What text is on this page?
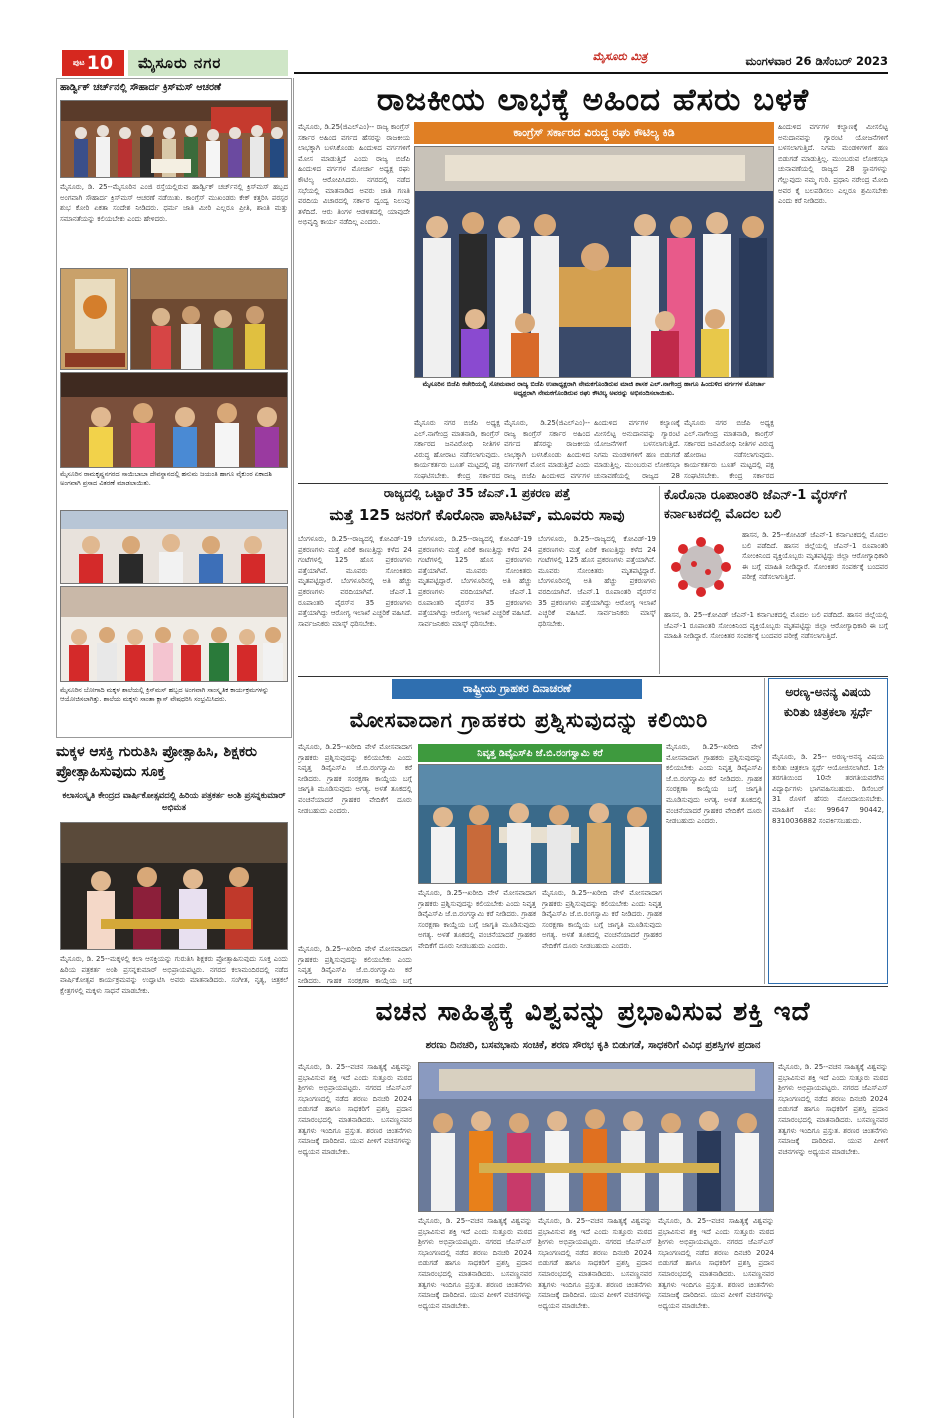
ಪುಟ 10 ಮೈಸೂರು ನಗರ	ಮೈಸೂರು ಮಿತ್ರ	ಮಂಗಳವಾರ 26 ಡಿಸೆಂಬರ್ 2023
ಹಾರ್ಡ್ವಿಕ್ ಚರ್ಚ್‌ನಲ್ಲಿ ಸೌಹಾರ್ದ ಕ್ರಿಸ್‌ಮಸ್ ಆಚರಣೆ
ಮೈಸೂರು, ಡಿ. 25--ಮೈಸೂರಿನ ಎಂಜಿ ರಸ್ತೆಯಲ್ಲಿರುವ ಹಾರ್ಡ್ವಿಕ್ ಚರ್ಚ್‌ನಲ್ಲಿ ಕ್ರಿಸ್‌ಮಸ್ ಹಬ್ಬದ ಅಂಗವಾಗಿ ಸೌಹಾರ್ದ ಕ್ರಿಸ್‌ಮಸ್ ಆಚರಣೆ ನಡೆಯಿತು. ಕಾಂಗ್ರೆಸ್ ಮುಖಂಡರು ಕೇಕ್ ಕತ್ತರಿಸಿ ಪರಸ್ಪರ ಶುಭ ಕೋರಿ ಏಕತಾ ಸಂದೇಶ ನೀಡಿದರು. ಧರ್ಮ ಜಾತಿ ಮೀರಿ ಎಲ್ಲರೂ ಪ್ರೀತಿ, ಶಾಂತಿ ಮತ್ತು ಸಮಾನತೆಯನ್ನು ಕಲಿಯಬೇಕು ಎಂದು ಹೇಳಿದರು.
ಮೈಸೂರಿನ ರಾಮಕೃಷ್ಣನಗರದ ಸಾಯಿಬಾಬಾ ದೇವಸ್ಥಾನದಲ್ಲಿ ಹನುಮ ಜಯಂತಿ ಹಾಗೂ ವೈಕುಂಠ ಏಕಾದಶಿ ಅಂಗವಾಗಿ ಪ್ರಸಾದ ವಿತರಣೆ ಮಾಡಲಾಯಿತು.
ಮೈಸೂರಿನ ಬೋಗಾದಿ ಮಕ್ಕಳ ಶಾಲೆಯಲ್ಲಿ ಕ್ರಿಸ್‌ಮಸ್ ಹಬ್ಬದ ಅಂಗವಾಗಿ ಸಾಂಸ್ಕೃತಿಕ ಕಾರ್ಯಕ್ರಮಗಳನ್ನು ಆಯೋಜಿಸಲಾಗಿತ್ತು. ಶಾಲೆಯ ಮಕ್ಕಳು ಸಾಂತಾ ಕ್ಲಾಸ್ ವೇಷಧರಿಸಿ ಸಂಭ್ರಮಿಸಿದರು.
ಮಕ್ಕಳ ಆಸಕ್ತಿ ಗುರುತಿಸಿ ಪ್ರೋತ್ಸಾಹಿಸಿ, ಶಿಕ್ಷಕರು ಪ್ರೋತ್ಸಾಹಿಸುವುದು ಸೂಕ್ತ
ಕಲಾಸಂಸ್ಕೃತಿ ಕೇಂದ್ರದ ವಾರ್ಷಿಕೋತ್ಸವದಲ್ಲಿ ಹಿರಿಯ ಪತ್ರಕರ್ತ ಅಂಶಿ ಪ್ರಸನ್ನಕುಮಾರ್ ಅಭಿಮತ
ಮೈಸೂರು, ಡಿ. 25--ಮಕ್ಕಳಲ್ಲಿ ಕಲಾ ಆಸಕ್ತಿಯನ್ನು ಗುರುತಿಸಿ ಶಿಕ್ಷಕರು ಪ್ರೋತ್ಸಾಹಿಸುವುದು ಸೂಕ್ತ ಎಂದು ಹಿರಿಯ ಪತ್ರಕರ್ತ ಅಂಶಿ ಪ್ರಸನ್ನಕುಮಾರ್ ಅಭಿಪ್ರಾಯಪಟ್ಟರು. ನಗರದ ಕಲಾಮಂದಿರದಲ್ಲಿ ನಡೆದ ವಾರ್ಷಿಕೋತ್ಸವ ಕಾರ್ಯಕ್ರಮವನ್ನು ಉದ್ಘಾಟಿಸಿ ಅವರು ಮಾತನಾಡಿದರು. ಸಂಗೀತ, ನೃತ್ಯ, ಚಿತ್ರಕಲೆ ಕ್ಷೇತ್ರಗಳಲ್ಲಿ ಮಕ್ಕಳು ಸಾಧನೆ ಮಾಡಬೇಕು.
ರಾಜಕೀಯ ಲಾಭಕ್ಕೆ ಅಹಿಂದ ಹೆಸರು ಬಳಕೆ
ಕಾಂಗ್ರೆಸ್ ಸರ್ಕಾರದ ವಿರುದ್ಧ ರಘು ಕೌಟಿಲ್ಯ ಕಿಡಿ
ಮೈಸೂರು, ಡಿ.25(ಜಿಎಲ್‌ಎಂ)-- ರಾಜ್ಯ ಕಾಂಗ್ರೆಸ್ ಸರ್ಕಾರ ಅಹಿಂದ ವರ್ಗದ ಹೆಸರನ್ನು ರಾಜಕೀಯ ಲಾಭಕ್ಕಾಗಿ ಬಳಸಿಕೊಂಡು ಹಿಂದುಳಿದ ವರ್ಗಗಳಿಗೆ ಮೋಸ ಮಾಡುತ್ತಿದೆ ಎಂದು ರಾಜ್ಯ ಬಿಜೆಪಿ ಹಿಂದುಳಿದ ವರ್ಗಗಳ ಮೋರ್ಚಾ ಅಧ್ಯಕ್ಷ ರಘು ಕೌಟಿಲ್ಯ ಆರೋಪಿಸಿದರು. ನಗರದಲ್ಲಿ ನಡೆದ ಸಭೆಯಲ್ಲಿ ಮಾತನಾಡಿದ ಅವರು ಜಾತಿ ಗಣತಿ ವರದಿಯ ವಿಚಾರದಲ್ಲಿ ಸರ್ಕಾರ ದ್ವಂದ್ವ ನಿಲುವು ತಳೆದಿದೆ. ಆರು ತಿಂಗಳ ಆಡಳಿತದಲ್ಲಿ ಯಾವುದೇ ಅಭಿವೃದ್ಧಿ ಕಾರ್ಯ ನಡೆದಿಲ್ಲ ಎಂದರು.
ಮೈಸೂರಿನ ಬಿಜೆಪಿ ಕಚೇರಿಯಲ್ಲಿ ಸೋಮವಾರ ರಾಜ್ಯ ಬಿಜೆಪಿ ಉಪಾಧ್ಯಕ್ಷರಾಗಿ ನೇಮಕಗೊಂಡಿರುವ ಮಾಜಿ ಶಾಸಕ ಎಲ್.ನಾಗೇಂದ್ರ ಹಾಗೂ ಹಿಂದುಳಿದ ವರ್ಗಗಳ ಮೋರ್ಚಾ ಅಧ್ಯಕ್ಷರಾಗಿ ನೇಮಕಗೊಂಡಿರುವ ರಘು ಕೌಟಿಲ್ಯ ಅವರನ್ನು ಅಭಿನಂದಿಸಲಾಯಿತು.
ಹಿಂದುಳಿದ ವರ್ಗಗಳ ಕಲ್ಯಾಣಕ್ಕೆ ಮೀಸಲಿಟ್ಟ ಅನುದಾನವನ್ನು ಗ್ಯಾರಂಟಿ ಯೋಜನೆಗಳಿಗೆ ಬಳಸಲಾಗುತ್ತಿದೆ. ನಿಗಮ ಮಂಡಳಿಗಳಿಗೆ ಹಣ ಬಿಡುಗಡೆ ಮಾಡುತ್ತಿಲ್ಲ. ಮುಂಬರುವ ಲೋಕಸಭಾ ಚುನಾವಣೆಯಲ್ಲಿ ರಾಜ್ಯದ 28 ಸ್ಥಾನಗಳನ್ನು ಗೆಲ್ಲುವುದು ನಮ್ಮ ಗುರಿ. ಪ್ರಧಾನಿ ನರೇಂದ್ರ ಮೋದಿ ಅವರ ಕೈ ಬಲಪಡಿಸಲು ಎಲ್ಲರೂ ಶ್ರಮಿಸಬೇಕು ಎಂದು ಕರೆ ನೀಡಿದರು.
ಮೈಸೂರು ನಗರ ಬಿಜೆಪಿ ಅಧ್ಯಕ್ಷ ಎಲ್.ನಾಗೇಂದ್ರ ಮಾತನಾಡಿ, ಕಾಂಗ್ರೆಸ್ ಸರ್ಕಾರದ ಜನವಿರೋಧಿ ನೀತಿಗಳ ವಿರುದ್ಧ ಹೋರಾಟ ನಡೆಸಲಾಗುವುದು. ಕಾರ್ಯಕರ್ತರು ಬೂತ್ ಮಟ್ಟದಲ್ಲಿ ಪಕ್ಷ ಸಂಘಟಿಸಬೇಕು. ಕೇಂದ್ರ ಸರ್ಕಾರದ
ಮೈಸೂರು, ಡಿ.25(ಜಿಎಲ್‌ಎಂ)-- ರಾಜ್ಯ ಕಾಂಗ್ರೆಸ್ ಸರ್ಕಾರ ಅಹಿಂದ ವರ್ಗದ ಹೆಸರನ್ನು ರಾಜಕೀಯ ಲಾಭಕ್ಕಾಗಿ ಬಳಸಿಕೊಂಡು ಹಿಂದುಳಿದ ವರ್ಗಗಳಿಗೆ ಮೋಸ ಮಾಡುತ್ತಿದೆ ಎಂದು ರಾಜ್ಯ ಬಿಜೆಪಿ ಹಿಂದುಳಿದ ವರ್ಗಗಳ
ಹಿಂದುಳಿದ ವರ್ಗಗಳ ಕಲ್ಯಾಣಕ್ಕೆ ಮೀಸಲಿಟ್ಟ ಅನುದಾನವನ್ನು ಗ್ಯಾರಂಟಿ ಯೋಜನೆಗಳಿಗೆ ಬಳಸಲಾಗುತ್ತಿದೆ. ನಿಗಮ ಮಂಡಳಿಗಳಿಗೆ ಹಣ ಬಿಡುಗಡೆ ಮಾಡುತ್ತಿಲ್ಲ. ಮುಂಬರುವ ಲೋಕಸಭಾ ಚುನಾವಣೆಯಲ್ಲಿ ರಾಜ್ಯದ 28
ಮೈಸೂರು ನಗರ ಬಿಜೆಪಿ ಅಧ್ಯಕ್ಷ ಎಲ್.ನಾಗೇಂದ್ರ ಮಾತನಾಡಿ, ಕಾಂಗ್ರೆಸ್ ಸರ್ಕಾರದ ಜನವಿರೋಧಿ ನೀತಿಗಳ ವಿರುದ್ಧ ಹೋರಾಟ ನಡೆಸಲಾಗುವುದು. ಕಾರ್ಯಕರ್ತರು ಬೂತ್ ಮಟ್ಟದಲ್ಲಿ ಪಕ್ಷ ಸಂಘಟಿಸಬೇಕು. ಕೇಂದ್ರ ಸರ್ಕಾರದ
ರಾಜ್ಯದಲ್ಲಿ ಒಟ್ಟಾರೆ 35 ಜೆಎನ್.1 ಪ್ರಕರಣ ಪತ್ತೆ
ಮತ್ತೆ 125 ಜನರಿಗೆ ಕೊರೊನಾ ಪಾಸಿಟಿವ್, ಮೂವರು ಸಾವು
ಬೆಂಗಳೂರು, ಡಿ.25--ರಾಜ್ಯದಲ್ಲಿ ಕೋವಿಡ್-19 ಪ್ರಕರಣಗಳು ಮತ್ತೆ ಏರಿಕೆ ಕಾಣುತ್ತಿದ್ದು ಕಳೆದ 24 ಗಂಟೆಗಳಲ್ಲಿ 125 ಹೊಸ ಪ್ರಕರಣಗಳು ಪತ್ತೆಯಾಗಿವೆ. ಮೂವರು ಸೋಂಕಿತರು ಮೃತಪಟ್ಟಿದ್ದಾರೆ. ಬೆಂಗಳೂರಿನಲ್ಲಿ ಅತಿ ಹೆಚ್ಚು ಪ್ರಕರಣಗಳು ವರದಿಯಾಗಿವೆ. ಜೆಎನ್.1 ರೂಪಾಂತರಿ ವೈರಸ್‌ನ 35 ಪ್ರಕರಣಗಳು ಪತ್ತೆಯಾಗಿದ್ದು ಆರೋಗ್ಯ ಇಲಾಖೆ ಎಚ್ಚರಿಕೆ ವಹಿಸಿದೆ. ಸಾರ್ವಜನಿಕರು ಮಾಸ್ಕ್ ಧರಿಸಬೇಕು.
ಬೆಂಗಳೂರು, ಡಿ.25--ರಾಜ್ಯದಲ್ಲಿ ಕೋವಿಡ್-19 ಪ್ರಕರಣಗಳು ಮತ್ತೆ ಏರಿಕೆ ಕಾಣುತ್ತಿದ್ದು ಕಳೆದ 24 ಗಂಟೆಗಳಲ್ಲಿ 125 ಹೊಸ ಪ್ರಕರಣಗಳು ಪತ್ತೆಯಾಗಿವೆ. ಮೂವರು ಸೋಂಕಿತರು ಮೃತಪಟ್ಟಿದ್ದಾರೆ. ಬೆಂಗಳೂರಿನಲ್ಲಿ ಅತಿ ಹೆಚ್ಚು ಪ್ರಕರಣಗಳು ವರದಿಯಾಗಿವೆ. ಜೆಎನ್.1 ರೂಪಾಂತರಿ ವೈರಸ್‌ನ 35 ಪ್ರಕರಣಗಳು ಪತ್ತೆಯಾಗಿದ್ದು ಆರೋಗ್ಯ ಇಲಾಖೆ ಎಚ್ಚರಿಕೆ ವಹಿಸಿದೆ. ಸಾರ್ವಜನಿಕರು ಮಾಸ್ಕ್ ಧರಿಸಬೇಕು.
ಬೆಂಗಳೂರು, ಡಿ.25--ರಾಜ್ಯದಲ್ಲಿ ಕೋವಿಡ್-19 ಪ್ರಕರಣಗಳು ಮತ್ತೆ ಏರಿಕೆ ಕಾಣುತ್ತಿದ್ದು ಕಳೆದ 24 ಗಂಟೆಗಳಲ್ಲಿ 125 ಹೊಸ ಪ್ರಕರಣಗಳು ಪತ್ತೆಯಾಗಿವೆ. ಮೂವರು ಸೋಂಕಿತರು ಮೃತಪಟ್ಟಿದ್ದಾರೆ. ಬೆಂಗಳೂರಿನಲ್ಲಿ ಅತಿ ಹೆಚ್ಚು ಪ್ರಕರಣಗಳು ವರದಿಯಾಗಿವೆ. ಜೆಎನ್.1 ರೂಪಾಂತರಿ ವೈರಸ್‌ನ 35 ಪ್ರಕರಣಗಳು ಪತ್ತೆಯಾಗಿದ್ದು ಆರೋಗ್ಯ ಇಲಾಖೆ ಎಚ್ಚರಿಕೆ ವಹಿಸಿದೆ. ಸಾರ್ವಜನಿಕರು ಮಾಸ್ಕ್ ಧರಿಸಬೇಕು.
ಕೊರೊನಾ ರೂಪಾಂತರಿ ಜೆಎನ್-1 ವೈರಸ್‌ಗೆ ಕರ್ನಾಟಕದಲ್ಲಿ ಮೊದಲ ಬಲಿ
ಹಾಸನ, ಡಿ. 25--ಕೋವಿಡ್ ಜೆಎನ್-1 ಕರ್ನಾಟಕದಲ್ಲಿ ಮೊದಲ ಬಲಿ ಪಡೆದಿದೆ. ಹಾಸನ ಜಿಲ್ಲೆಯಲ್ಲಿ ಜೆಎನ್-1 ರೂಪಾಂತರಿ ಸೋಂಕಿನಿಂದ ವ್ಯಕ್ತಿಯೊಬ್ಬರು ಮೃತಪಟ್ಟಿದ್ದು ಜಿಲ್ಲಾ ಆರೋಗ್ಯಾಧಿಕಾರಿ ಈ ಬಗ್ಗೆ ಮಾಹಿತಿ ನೀಡಿದ್ದಾರೆ. ಸೋಂಕಿತರ ಸಂಪರ್ಕಕ್ಕೆ ಬಂದವರ ಪರೀಕ್ಷೆ ನಡೆಸಲಾಗುತ್ತಿದೆ.
ಹಾಸನ, ಡಿ. 25--ಕೋವಿಡ್ ಜೆಎನ್-1 ಕರ್ನಾಟಕದಲ್ಲಿ ಮೊದಲ ಬಲಿ ಪಡೆದಿದೆ. ಹಾಸನ ಜಿಲ್ಲೆಯಲ್ಲಿ ಜೆಎನ್-1 ರೂಪಾಂತರಿ ಸೋಂಕಿನಿಂದ ವ್ಯಕ್ತಿಯೊಬ್ಬರು ಮೃತಪಟ್ಟಿದ್ದು ಜಿಲ್ಲಾ ಆರೋಗ್ಯಾಧಿಕಾರಿ ಈ ಬಗ್ಗೆ ಮಾಹಿತಿ ನೀಡಿದ್ದಾರೆ. ಸೋಂಕಿತರ ಸಂಪರ್ಕಕ್ಕೆ ಬಂದವರ ಪರೀಕ್ಷೆ ನಡೆಸಲಾಗುತ್ತಿದೆ.
ರಾಷ್ಟ್ರೀಯ ಗ್ರಾಹಕರ ದಿನಾಚರಣೆ
ಮೋಸವಾದಾಗ ಗ್ರಾಹಕರು ಪ್ರಶ್ನಿಸುವುದನ್ನು ಕಲಿಯಿರಿ
ಮೈಸೂರು, ಡಿ.25--ಖರೀದಿ ವೇಳೆ ಮೋಸವಾದಾಗ ಗ್ರಾಹಕರು ಪ್ರಶ್ನಿಸುವುದನ್ನು ಕಲಿಯಬೇಕು ಎಂದು ನಿವೃತ್ತ ಡಿವೈಎಸ್‌ಪಿ ಜೆ.ಬಿ.ರಂಗಸ್ವಾಮಿ ಕರೆ ನೀಡಿದರು. ಗ್ರಾಹಕ ಸಂರಕ್ಷಣಾ ಕಾಯ್ದೆಯ ಬಗ್ಗೆ ಜಾಗೃತಿ ಮೂಡಿಸುವುದು ಅಗತ್ಯ. ಅಳತೆ ತೂಕದಲ್ಲಿ ವಂಚನೆಯಾದರೆ ಗ್ರಾಹಕರ ವೇದಿಕೆಗೆ ದೂರು ನೀಡಬಹುದು ಎಂದರು.
ನಿವೃತ್ತ ಡಿವೈಎಸ್‌ಪಿ ಜೆ.ಬಿ.ರಂಗಸ್ವಾಮಿ ಕರೆ
ಮೈಸೂರು, ಡಿ.25--ಖರೀದಿ ವೇಳೆ ಮೋಸವಾದಾಗ ಗ್ರಾಹಕರು ಪ್ರಶ್ನಿಸುವುದನ್ನು ಕಲಿಯಬೇಕು ಎಂದು ನಿವೃತ್ತ ಡಿವೈಎಸ್‌ಪಿ ಜೆ.ಬಿ.ರಂಗಸ್ವಾಮಿ ಕರೆ ನೀಡಿದರು. ಗ್ರಾಹಕ ಸಂರಕ್ಷಣಾ ಕಾಯ್ದೆಯ ಬಗ್ಗೆ ಜಾಗೃತಿ ಮೂಡಿಸುವುದು ಅಗತ್ಯ. ಅಳತೆ ತೂಕದಲ್ಲಿ ವಂಚನೆಯಾದರೆ ಗ್ರಾಹಕರ ವೇದಿಕೆಗೆ ದೂರು ನೀಡಬಹುದು ಎಂದರು.
ಮೈಸೂರು, ಡಿ.25--ಖರೀದಿ ವೇಳೆ ಮೋಸವಾದಾಗ ಗ್ರಾಹಕರು ಪ್ರಶ್ನಿಸುವುದನ್ನು ಕಲಿಯಬೇಕು ಎಂದು ನಿವೃತ್ತ ಡಿವೈಎಸ್‌ಪಿ ಜೆ.ಬಿ.ರಂಗಸ್ವಾಮಿ ಕರೆ ನೀಡಿದರು. ಗ್ರಾಹಕ ಸಂರಕ್ಷಣಾ ಕಾಯ್ದೆಯ ಬಗ್ಗೆ ಜಾಗೃತಿ ಮೂಡಿಸುವುದು ಅಗತ್ಯ. ಅಳತೆ ತೂಕದಲ್ಲಿ ವಂಚನೆಯಾದರೆ ಗ್ರಾಹಕರ ವೇದಿಕೆಗೆ ದೂರು ನೀಡಬಹುದು ಎಂದರು.
ಮೈಸೂರು, ಡಿ.25--ಖರೀದಿ ವೇಳೆ ಮೋಸವಾದಾಗ ಗ್ರಾಹಕರು ಪ್ರಶ್ನಿಸುವುದನ್ನು ಕಲಿಯಬೇಕು ಎಂದು ನಿವೃತ್ತ ಡಿವೈಎಸ್‌ಪಿ ಜೆ.ಬಿ.ರಂಗಸ್ವಾಮಿ ಕರೆ ನೀಡಿದರು. ಗ್ರಾಹಕ ಸಂರಕ್ಷಣಾ ಕಾಯ್ದೆಯ ಬಗ್ಗೆ ಜಾಗೃತಿ ಮೂಡಿಸುವುದು ಅಗತ್ಯ. ಅಳತೆ ತೂಕದಲ್ಲಿ ವಂಚನೆಯಾದರೆ ಗ್ರಾಹಕರ ವೇದಿಕೆಗೆ ದೂರು ನೀಡಬಹುದು ಎಂದರು.
ಮೈಸೂರು, ಡಿ.25--ಖರೀದಿ ವೇಳೆ ಮೋಸವಾದಾಗ ಗ್ರಾಹಕರು ಪ್ರಶ್ನಿಸುವುದನ್ನು ಕಲಿಯಬೇಕು ಎಂದು ನಿವೃತ್ತ ಡಿವೈಎಸ್‌ಪಿ ಜೆ.ಬಿ.ರಂಗಸ್ವಾಮಿ ಕರೆ ನೀಡಿದರು. ಗ್ರಾಹಕ ಸಂರಕ್ಷಣಾ ಕಾಯ್ದೆಯ ಬಗ್ಗೆ
ಅರಣ್ಯ-ಅನನ್ಯ ವಿಷಯ ಕುರಿತು ಚಿತ್ರಕಲಾ ಸ್ಪರ್ಧೆ
ಮೈಸೂರು, ಡಿ. 25-- ಅರಣ್ಯ-ಅನನ್ಯ ವಿಷಯ ಕುರಿತು ಚಿತ್ರಕಲಾ ಸ್ಪರ್ಧೆ ಆಯೋಜಿಸಲಾಗಿದೆ. 1ನೇ ತರಗತಿಯಿಂದ 10ನೇ ತರಗತಿಯವರೆಗಿನ ವಿದ್ಯಾರ್ಥಿಗಳು ಭಾಗವಹಿಸಬಹುದು. ಡಿಸೆಂಬರ್ 31 ರೊಳಗೆ ಹೆಸರು ನೋಂದಾಯಿಸಬೇಕು. ಮಾಹಿತಿಗೆ ಮೊ: 99647 90442, 8310036882 ಸಂಪರ್ಕಿಸಬಹುದು.
ವಚನ ಸಾಹಿತ್ಯಕ್ಕೆ ವಿಶ್ವವನ್ನು ಪ್ರಭಾವಿಸುವ ಶಕ್ತಿ ಇದೆ
ಶರಣು ದಿನಚರಿ, ಬಸವಭಾನು ಸಂಚಿಕೆ, ಶರಣ ಸೌರಭ ಕೃತಿ ಬಿಡುಗಡೆ, ಸಾಧಕರಿಗೆ ವಿವಿಧ ಪ್ರಶಸ್ತಿಗಳ ಪ್ರದಾನ
ಮೈಸೂರು, ಡಿ. 25--ವಚನ ಸಾಹಿತ್ಯಕ್ಕೆ ವಿಶ್ವವನ್ನು ಪ್ರಭಾವಿಸುವ ಶಕ್ತಿ ಇದೆ ಎಂದು ಸುತ್ತೂರು ಮಠದ ಶ್ರೀಗಳು ಅಭಿಪ್ರಾಯಪಟ್ಟರು. ನಗರದ ಜೆಎಸ್‌ಎಸ್ ಸಭಾಂಗಣದಲ್ಲಿ ನಡೆದ ಶರಣು ದಿನಚರಿ 2024 ಬಿಡುಗಡೆ ಹಾಗೂ ಸಾಧಕರಿಗೆ ಪ್ರಶಸ್ತಿ ಪ್ರದಾನ ಸಮಾರಂಭದಲ್ಲಿ ಮಾತನಾಡಿದರು. ಬಸವಣ್ಣನವರ ತತ್ವಗಳು ಇಂದಿಗೂ ಪ್ರಸ್ತುತ. ಶರಣರ ಚಿಂತನೆಗಳು ಸಮಾಜಕ್ಕೆ ದಾರಿದೀಪ. ಯುವ ಪೀಳಿಗೆ ವಚನಗಳನ್ನು ಅಧ್ಯಯನ ಮಾಡಬೇಕು.
ಮೈಸೂರು, ಡಿ. 25--ವಚನ ಸಾಹಿತ್ಯಕ್ಕೆ ವಿಶ್ವವನ್ನು ಪ್ರಭಾವಿಸುವ ಶಕ್ತಿ ಇದೆ ಎಂದು ಸುತ್ತೂರು ಮಠದ ಶ್ರೀಗಳು ಅಭಿಪ್ರಾಯಪಟ್ಟರು. ನಗರದ ಜೆಎಸ್‌ಎಸ್ ಸಭಾಂಗಣದಲ್ಲಿ ನಡೆದ ಶರಣು ದಿನಚರಿ 2024 ಬಿಡುಗಡೆ ಹಾಗೂ ಸಾಧಕರಿಗೆ ಪ್ರಶಸ್ತಿ ಪ್ರದಾನ ಸಮಾರಂಭದಲ್ಲಿ ಮಾತನಾಡಿದರು. ಬಸವಣ್ಣನವರ ತತ್ವಗಳು ಇಂದಿಗೂ ಪ್ರಸ್ತುತ. ಶರಣರ ಚಿಂತನೆಗಳು ಸಮಾಜಕ್ಕೆ ದಾರಿದೀಪ. ಯುವ ಪೀಳಿಗೆ ವಚನಗಳನ್ನು ಅಧ್ಯಯನ ಮಾಡಬೇಕು.
ಮೈಸೂರು, ಡಿ. 25--ವಚನ ಸಾಹಿತ್ಯಕ್ಕೆ ವಿಶ್ವವನ್ನು ಪ್ರಭಾವಿಸುವ ಶಕ್ತಿ ಇದೆ ಎಂದು ಸುತ್ತೂರು ಮಠದ ಶ್ರೀಗಳು ಅಭಿಪ್ರಾಯಪಟ್ಟರು. ನಗರದ ಜೆಎಸ್‌ಎಸ್ ಸಭಾಂಗಣದಲ್ಲಿ ನಡೆದ ಶರಣು ದಿನಚರಿ 2024 ಬಿಡುಗಡೆ ಹಾಗೂ ಸಾಧಕರಿಗೆ ಪ್ರಶಸ್ತಿ ಪ್ರದಾನ ಸಮಾರಂಭದಲ್ಲಿ ಮಾತನಾಡಿದರು. ಬಸವಣ್ಣನವರ ತತ್ವಗಳು ಇಂದಿಗೂ ಪ್ರಸ್ತುತ. ಶರಣರ ಚಿಂತನೆಗಳು ಸಮಾಜಕ್ಕೆ ದಾರಿದೀಪ. ಯುವ ಪೀಳಿಗೆ ವಚನಗಳನ್ನು ಅಧ್ಯಯನ ಮಾಡಬೇಕು.
ಮೈಸೂರು, ಡಿ. 25--ವಚನ ಸಾಹಿತ್ಯಕ್ಕೆ ವಿಶ್ವವನ್ನು ಪ್ರಭಾವಿಸುವ ಶಕ್ತಿ ಇದೆ ಎಂದು ಸುತ್ತೂರು ಮಠದ ಶ್ರೀಗಳು ಅಭಿಪ್ರಾಯಪಟ್ಟರು. ನಗರದ ಜೆಎಸ್‌ಎಸ್ ಸಭಾಂಗಣದಲ್ಲಿ ನಡೆದ ಶರಣು ದಿನಚರಿ 2024 ಬಿಡುಗಡೆ ಹಾಗೂ ಸಾಧಕರಿಗೆ ಪ್ರಶಸ್ತಿ ಪ್ರದಾನ ಸಮಾರಂಭದಲ್ಲಿ ಮಾತನಾಡಿದರು. ಬಸವಣ್ಣನವರ ತತ್ವಗಳು ಇಂದಿಗೂ ಪ್ರಸ್ತುತ. ಶರಣರ ಚಿಂತನೆಗಳು ಸಮಾಜಕ್ಕೆ ದಾರಿದೀಪ. ಯುವ ಪೀಳಿಗೆ ವಚನಗಳನ್ನು ಅಧ್ಯಯನ ಮಾಡಬೇಕು.
ಮೈಸೂರು, ಡಿ. 25--ವಚನ ಸಾಹಿತ್ಯಕ್ಕೆ ವಿಶ್ವವನ್ನು ಪ್ರಭಾವಿಸುವ ಶಕ್ತಿ ಇದೆ ಎಂದು ಸುತ್ತೂರು ಮಠದ ಶ್ರೀಗಳು ಅಭಿಪ್ರಾಯಪಟ್ಟರು. ನಗರದ ಜೆಎಸ್‌ಎಸ್ ಸಭಾಂಗಣದಲ್ಲಿ ನಡೆದ ಶರಣು ದಿನಚರಿ 2024 ಬಿಡುಗಡೆ ಹಾಗೂ ಸಾಧಕರಿಗೆ ಪ್ರಶಸ್ತಿ ಪ್ರದಾನ ಸಮಾರಂಭದಲ್ಲಿ ಮಾತನಾಡಿದರು. ಬಸವಣ್ಣನವರ ತತ್ವಗಳು ಇಂದಿಗೂ ಪ್ರಸ್ತುತ. ಶರಣರ ಚಿಂತನೆಗಳು ಸಮಾಜಕ್ಕೆ ದಾರಿದೀಪ. ಯುವ ಪೀಳಿಗೆ ವಚನಗಳನ್ನು ಅಧ್ಯಯನ ಮಾಡಬೇಕು.
